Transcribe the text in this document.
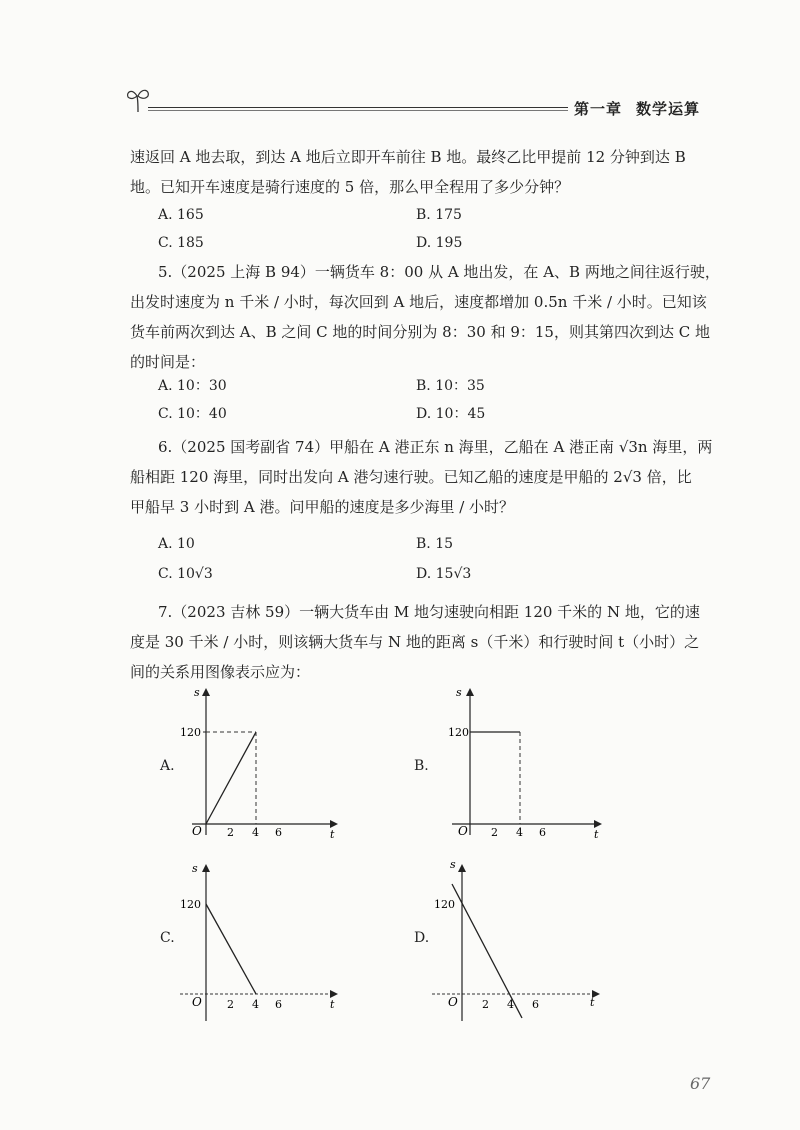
第一章 数学运算
速返回 A 地去取，到达 A 地后立即开车前往 B 地。最终乙比甲提前 12 分钟到达 B
地。已知开车速度是骑行速度的 5 倍，那么甲全程用了多少分钟？
A. 165	B. 175
C. 185	D. 195
5.（2025 上海 B 94）一辆货车 8：00 从 A 地出发，在 A、B 两地之间往返行驶，
出发时速度为 n 千米 / 小时，每次回到 A 地后，速度都增加 0.5n 千米 / 小时。已知该
货车前两次到达 A、B 之间 C 地的时间分别为 8：30 和 9：15，则其第四次到达 C 地
的时间是：
A. 10：30	B. 10：35
C. 10：40	D. 10：45
6.（2025 国考副省 74）甲船在 A 港正东 n 海里，乙船在 A 港正南 √3n 海里，两
船相距 120 海里，同时出发向 A 港匀速行驶。已知乙船的速度是甲船的 2√3 倍，比
甲船早 3 小时到 A 港。问甲船的速度是多少海里 / 小时？
A. 10	B. 15
C. 10√3	D. 15√3
7.（2023 吉林 59）一辆大货车由 M 地匀速驶向相距 120 千米的 N 地，它的速
度是 30 千米 / 小时，则该辆大货车与 N 地的距离 s（千米）和行驶时间 t（小时）之
间的关系用图像表示应为：
A.	B.
C.	D.
s
t
O
120
2 4 6
s
t
O
120
2 4 6
s
t
O
120
2 4 6
s
t
O
120
2 4 6
67
